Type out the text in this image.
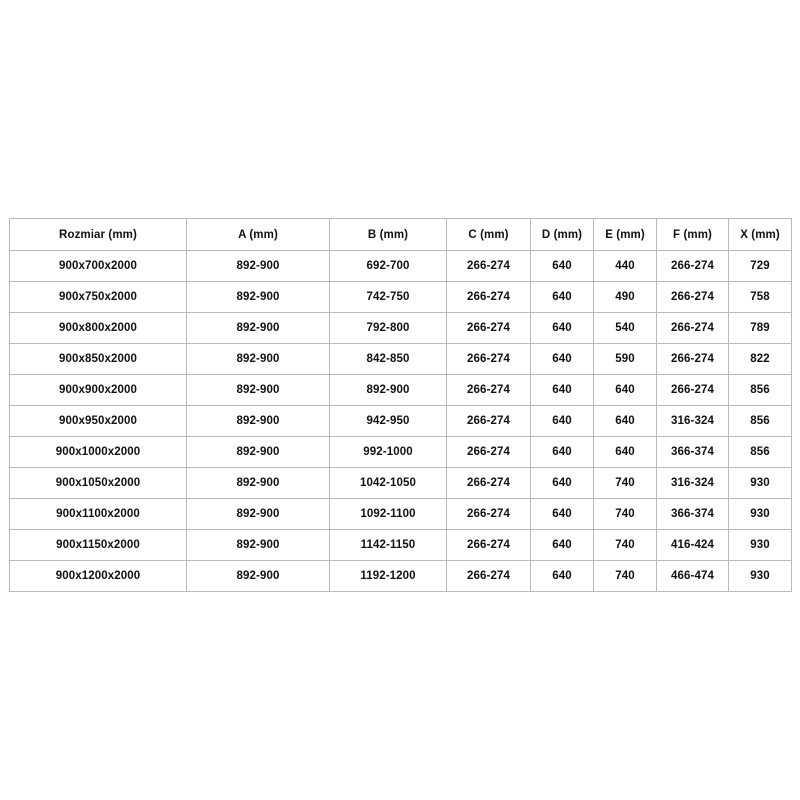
Rozmiar (mm)	A (mm)	B (mm)	C (mm)	D (mm)	E (mm)	F (mm)	X (mm)
900x700x2000	892-900	692-700	266-274	640	440	266-274	729
900x750x2000	892-900	742-750	266-274	640	490	266-274	758
900x800x2000	892-900	792-800	266-274	640	540	266-274	789
900x850x2000	892-900	842-850	266-274	640	590	266-274	822
900x900x2000	892-900	892-900	266-274	640	640	266-274	856
900x950x2000	892-900	942-950	266-274	640	640	316-324	856
900x1000x2000	892-900	992-1000	266-274	640	640	366-374	856
900x1050x2000	892-900	1042-1050	266-274	640	740	316-324	930
900x1100x2000	892-900	1092-1100	266-274	640	740	366-374	930
900x1150x2000	892-900	1142-1150	266-274	640	740	416-424	930
900x1200x2000	892-900	1192-1200	266-274	640	740	466-474	930
